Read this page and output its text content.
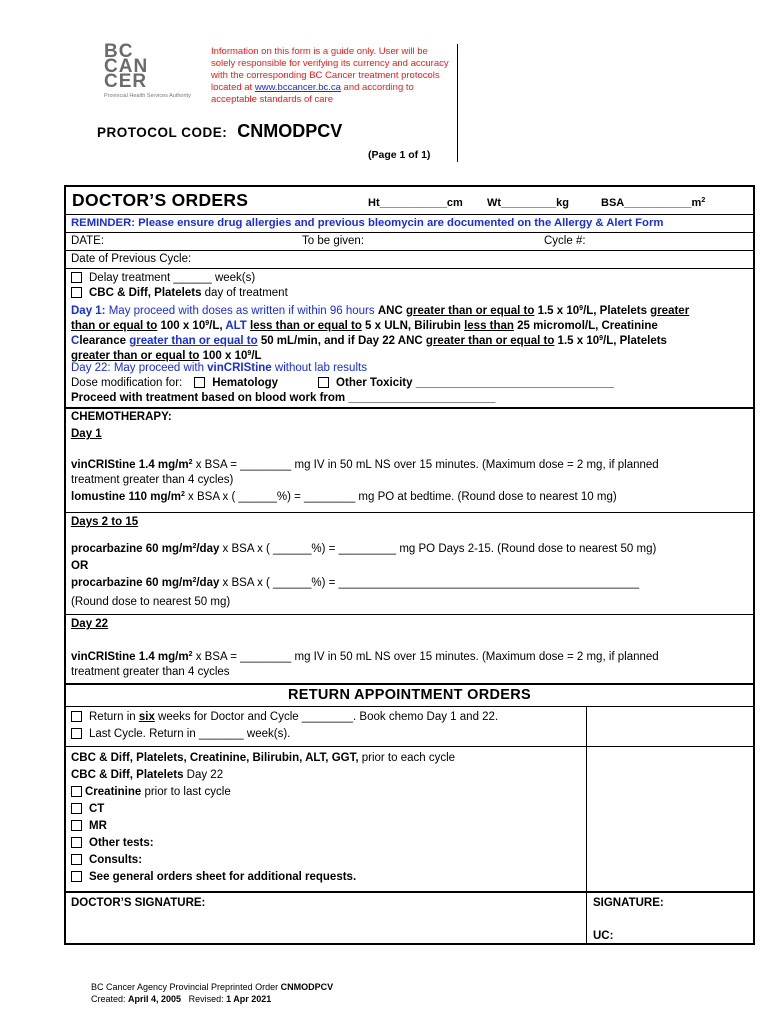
BC
CAN
CER
Provincial Health Services Authority
Information on this form is a guide only. User will be solely responsible for verifying its currency and accuracy with the corresponding BC Cancer treatment protocols located at www.bccancer.bc.ca and according to acceptable standards of care
PROTOCOL CODE: CNMODPCV
(Page 1 of 1)
DOCTOR’S ORDERS	Ht___________cm Wt_________kg	$BSA\_\_\_\_\_\_\_\_\_\_\_m^2$
REMINDER: Please ensure drug allergies and previous bleomycin are documented on the Allergy & Alert Form
DATE:	To be given:	Cycle #:
Date of Previous Cycle:
Delay treatment ______ week(s)
CBC & Diff, Platelets day of treatment
Day 1: May proceed with doses as written if within 96 hours ANC greater than or equal to 1.5 x $10^9/L$, Platelets greater
than or equal to 100 x $10^9/L$, ALT less than or equal to 5 x ULN, Bilirubin less than 25 micromol/L, Creatinine
Clearance greater than or equal to 50 mL/min, and if Day 22 ANC greater than or equal to 1.5 x $10^9/L$, Platelets
greater than or equal to 100 x $10^9/L$
Day 22: May proceed with vinCRIStine without lab results
Dose modification for:	Hematology	Other Toxicity _______________________________
Proceed with treatment based on blood work from _______________________
CHEMOTHERAPY:
Day 1
vinCRIStine 1.4 $mg/m^2$ x BSA = ________ mg IV in 50 mL NS over 15 minutes. (Maximum dose = 2 mg, if planned
treatment greater than 4 cycles)
lomustine 110 $mg/m^2$ x BSA x ( ______%) = ________ mg PO at bedtime. (Round dose to nearest 10 mg)
Days 2 to 15
procarbazine 60 $mg/m^2$/day x BSA x ( ______%) = _________ mg PO Days 2-15. (Round dose to nearest 50 mg)
OR
procarbazine 60 $mg/m^2$/day x BSA x ( ______%) = _______________________________________________
(Round dose to nearest 50 mg)
Day 22
vinCRIStine 1.4 $mg/m^2$ x BSA = ________ mg IV in 50 mL NS over 15 minutes. (Maximum dose = 2 mg, if planned
treatment greater than 4 cycles
RETURN APPOINTMENT ORDERS
Return in six weeks for Doctor and Cycle ________. Book chemo Day 1 and 22.
Last Cycle. Return in _______ week(s).
CBC & Diff, Platelets, Creatinine, Bilirubin, ALT, GGT, prior to each cycle
CBC & Diff, Platelets Day 22
Creatinine prior to last cycle
CT
MR
Other tests:
Consults:
See general orders sheet for additional requests.
DOCTOR’S SIGNATURE:	SIGNATURE:
UC:
BC Cancer Agency Provincial Preprinted Order CNMODPCV
Created: April 4, 2005   Revised: 1 Apr 2021
